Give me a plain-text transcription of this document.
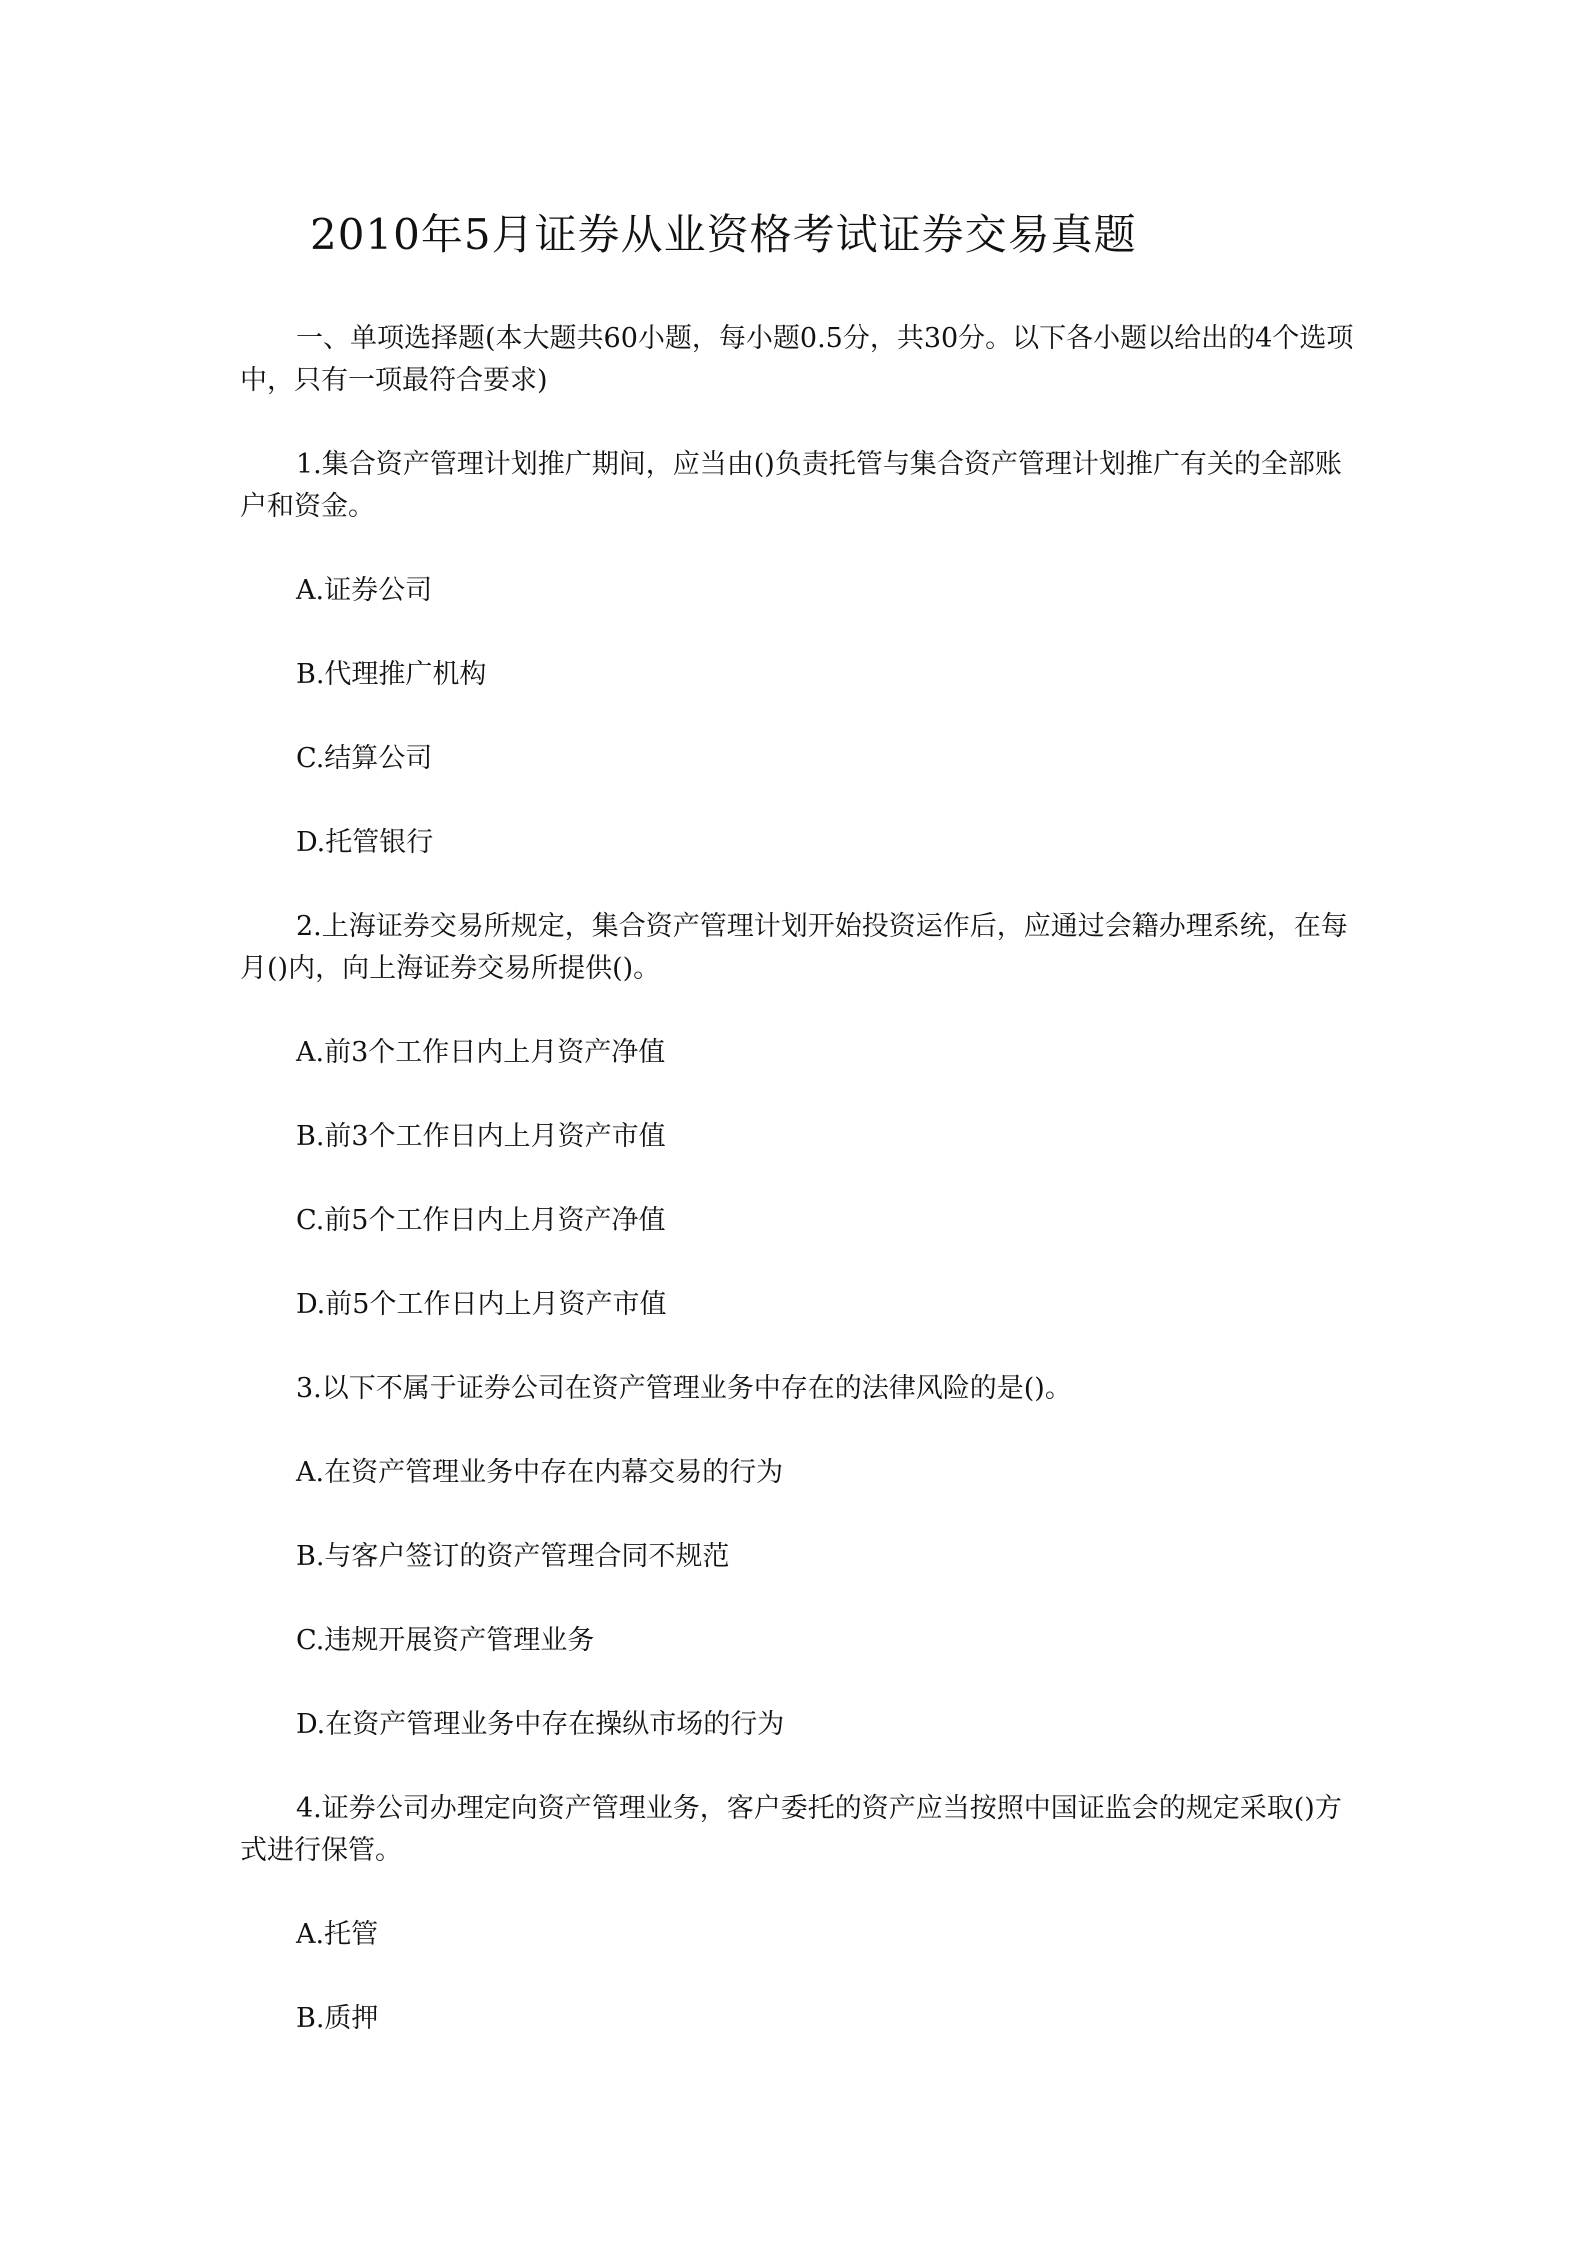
2010年5月证券从业资格考试证券交易真题

一、单项选择题(本大题共60小题，每小题0.5分，共30分。以下各小题以给出的4个选项中，只有一项最符合要求)

1.集合资产管理计划推广期间，应当由()负责托管与集合资产管理计划推广有关的全部账户和资金。

A.证券公司

B.代理推广机构

C.结算公司

D.托管银行

2.上海证券交易所规定，集合资产管理计划开始投资运作后，应通过会籍办理系统，在每月()内，向上海证券交易所提供()。

A.前3个工作日内上月资产净值

B.前3个工作日内上月资产市值

C.前5个工作日内上月资产净值

D.前5个工作日内上月资产市值

3.以下不属于证券公司在资产管理业务中存在的法律风险的是()。

A.在资产管理业务中存在内幕交易的行为

B.与客户签订的资产管理合同不规范

C.违规开展资产管理业务

D.在资产管理业务中存在操纵市场的行为

4.证券公司办理定向资产管理业务，客户委托的资产应当按照中国证监会的规定采取()方式进行保管。

A.托管

B.质押
